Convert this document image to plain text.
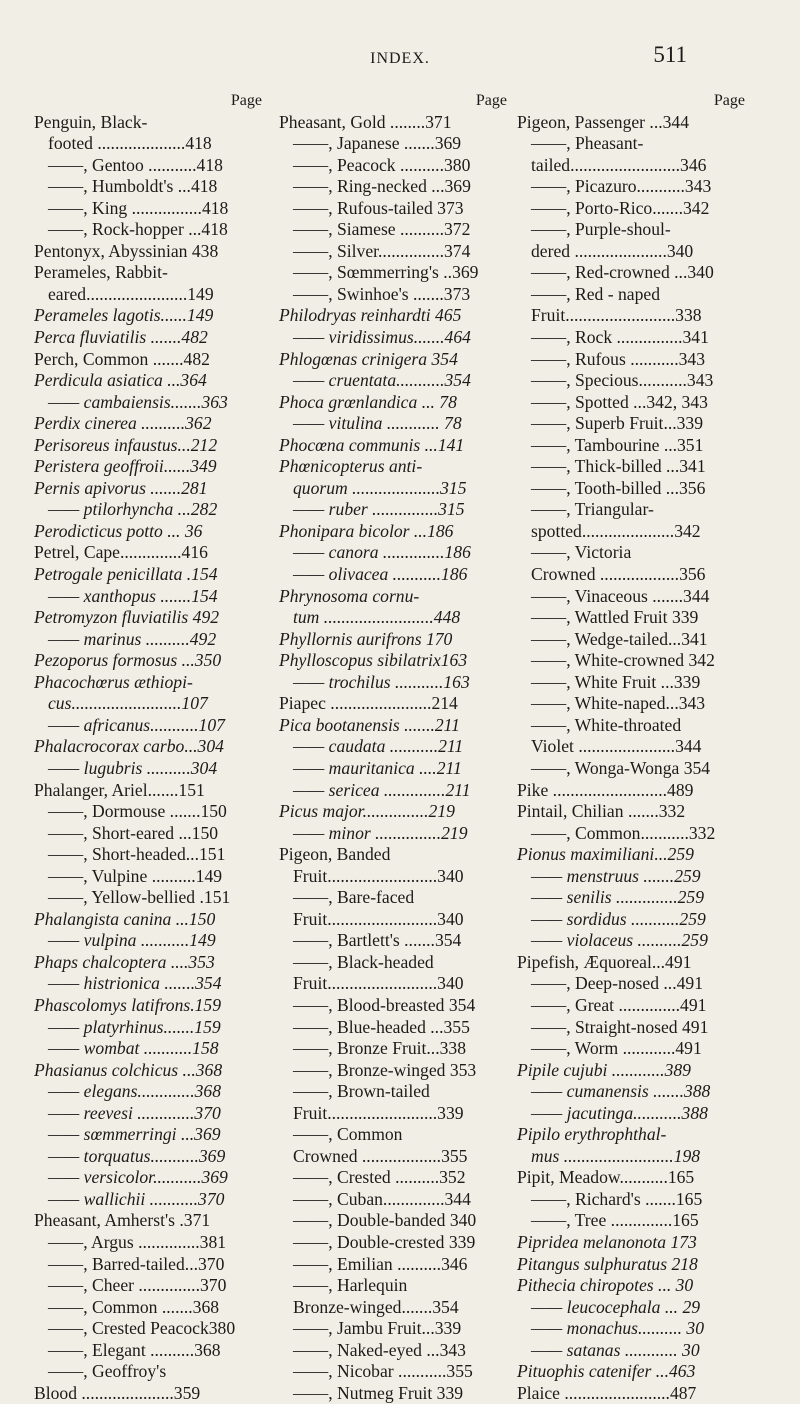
INDEX.	511
Page
Penguin, Black-
footed ....................418
——, Gentoo ...........418
——, Humboldt's ...418
——, King ................418
——, Rock-hopper ...418
Pentonyx, Abyssinian 438
Perameles, Rabbit-
eared.......................149
Perameles lagotis......149
Perca fluviatilis .......482
Perch, Common .......482
Perdicula asiatica ...364
—— cambaiensis.......363
Perdix cinerea ..........362
Perisoreus infaustus...212
Peristera geoffroii......349
Pernis apivorus .......281
—— ptilorhyncha ...282
Perodicticus potto ... 36
Petrel, Cape..............416
Petrogale penicillata .154
—— xanthopus .......154
Petromyzon fluviatilis 492
—— marinus ..........492
Pezoporus formosus ...350
Phacochœrus æthiopi-
cus.........................107
—— africanus...........107
Phalacrocorax carbo...304
—— lugubris ..........304
Phalanger, Ariel.......151
——, Dormouse .......150
——, Short-eared ...150
——, Short-headed...151
——, Vulpine ..........149
——, Yellow-bellied .151
Phalangista canina ...150
—— vulpina ...........149
Phaps chalcoptera ....353
—— histrionica .......354
Phascolomys latifrons.159
—— platyrhinus.......159
—— wombat ...........158
Phasianus colchicus ...368
—— elegans.............368
—— reevesi .............370
—— sœmmerringi ...369
—— torquatus...........369
—— versicolor...........369
—— wallichii ...........370
Pheasant, Amherst's .371
——, Argus ..............381
——, Barred-tailed...370
——, Cheer ..............370
——, Common .......368
——, Crested Peacock380
——, Elegant ..........368
——, Geoffroy's
Blood .....................359
Page
Pheasant, Gold ........371
——, Japanese .......369
——, Peacock ..........380
——, Ring-necked ...369
——, Rufous-tailed 373
——, Siamese ..........372
——, Silver...............374
——, Sœmmerring's ..369
——, Swinhoe's .......373
Philodryas reinhardti 465
—— viridissimus.......464
Phlogœnas crinigera 354
—— cruentata...........354
Phoca grœnlandica ... 78
—— vitulina ............ 78
Phocœna communis ...141
Phœnicopterus anti-
quorum ....................315
—— ruber ...............315
Phonipara bicolor ...186
—— canora ..............186
—— olivacea ...........186
Phrynosoma cornu-
tum .........................448
Phyllornis aurifrons 170
Phylloscopus sibilatrix163
—— trochilus ...........163
Piapec .......................214
Pica bootanensis .......211
—— caudata ...........211
—— mauritanica ....211
—— sericea ..............211
Picus major...............219
—— minor ...............219
Pigeon, Banded
Fruit.........................340
——, Bare-faced
Fruit.........................340
——, Bartlett's .......354
——, Black-headed
Fruit.........................340
——, Blood-breasted 354
——, Blue-headed ...355
——, Bronze Fruit...338
——, Bronze-winged 353
——, Brown-tailed
Fruit.........................339
——, Common
Crowned ..................355
——, Crested ..........352
——, Cuban..............344
——, Double-banded 340
——, Double-crested 339
——, Emilian ..........346
——, Harlequin
Bronze-winged.......354
——, Jambu Fruit...339
——, Naked-eyed ...343
——, Nicobar ...........355
——, Nutmeg Fruit 339
Page
Pigeon, Passenger ...344
——, Pheasant-
tailed.........................346
——, Picazuro...........343
——, Porto-Rico.......342
——, Purple-shoul-
dered .....................340
——, Red-crowned ...340
——, Red - naped
Fruit.........................338
——, Rock ...............341
——, Rufous ...........343
——, Specious...........343
——, Spotted ...342, 343
——, Superb Fruit...339
——, Tambourine ...351
——, Thick-billed ...341
——, Tooth-billed ...356
——, Triangular-
spotted.....................342
——, Victoria
Crowned ..................356
——, Vinaceous .......344
——, Wattled Fruit 339
——, Wedge-tailed...341
——, White-crowned 342
——, White Fruit ...339
——, White-naped...343
——, White-throated
Violet ......................344
——, Wonga-Wonga 354
Pike ..........................489
Pintail, Chilian .......332
——, Common...........332
Pionus maximiliani...259
—— menstruus .......259
—— senilis ..............259
—— sordidus ...........259
—— violaceus ..........259
Pipefish, Æquoreal...491
——, Deep-nosed ...491
——, Great ..............491
——, Straight-nosed 491
——, Worm ............491
Pipile cujubi ............389
—— cumanensis .......388
—— jacutinga...........388
Pipilo erythrophthal-
mus .........................198
Pipit, Meadow...........165
——, Richard's .......165
——, Tree ..............165
Pipridea melanonota 173
Pitangus sulphuratus 218
Pithecia chiropotes ... 30
—— leucocephala ... 29
—— monachus.......... 30
—— satanas ............ 30
Pituophis catenifer ...463
Plaice ........................487
